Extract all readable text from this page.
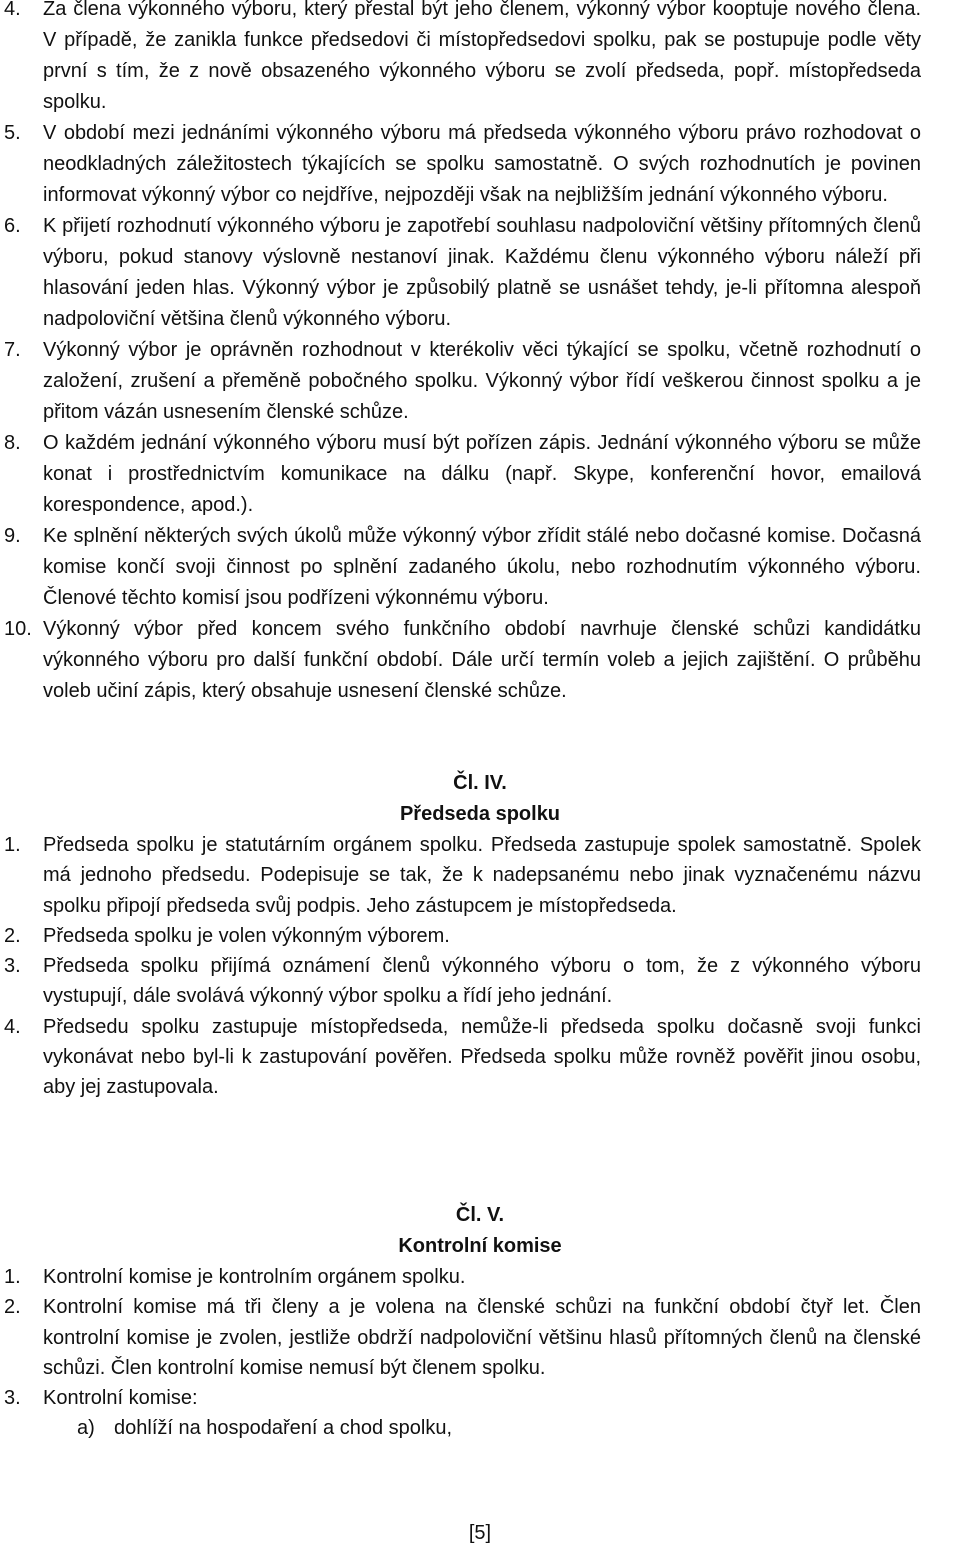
4. Za člena výkonného výboru, který přestal být jeho členem, výkonný výbor kooptuje nového člena. V případě, že zanikla funkce předsedovi či místopředsedovi spolku, pak se postupuje podle věty první s tím, že z nově obsazeného výkonného výboru se zvolí předseda, popř. místopředseda spolku.

5. V období mezi jednáními výkonného výboru má předseda výkonného výboru právo rozhodovat o neodkladných záležitostech týkajících se spolku samostatně. O svých rozhodnutích je povinen informovat výkonný výbor co nejdříve, nejpozději však na nejbližším jednání výkonného výboru.

6. K přijetí rozhodnutí výkonného výboru je zapotřebí souhlasu nadpoloviční většiny přítomných členů výboru, pokud stanovy výslovně nestanoví jinak. Každému členu výkonného výboru náleží při hlasování jeden hlas. Výkonný výbor je způsobilý platně se usnášet tehdy, je-li přítomna alespoň nadpoloviční většina členů výkonného výboru.

7. Výkonný výbor je oprávněn rozhodnout v kterékoliv věci týkající se spolku, včetně rozhodnutí o založení, zrušení a přeměně pobočného spolku. Výkonný výbor řídí veškerou činnost spolku a je přitom vázán usnesením členské schůze.

8. O každém jednání výkonného výboru musí být pořízen zápis. Jednání výkonného výboru se může konat i prostřednictvím komunikace na dálku (např. Skype, konferenční hovor, emailová korespondence, apod.).

9. Ke splnění některých svých úkolů může výkonný výbor zřídit stálé nebo dočasné komise. Dočasná komise končí svoji činnost po splnění zadaného úkolu, nebo rozhodnutím výkonného výboru. Členové těchto komisí jsou podřízeni výkonnému výboru.

10. Výkonný výbor před koncem svého funkčního období navrhuje členské schůzi kandidátku výkonného výboru pro další funkční období. Dále určí termín voleb a jejich zajištění. O průběhu voleb učiní zápis, který obsahuje usnesení členské schůze.

Čl. IV.
Předseda spolku
1. Předseda spolku je statutárním orgánem spolku. Předseda zastupuje spolek samostatně. Spolek má jednoho předsedu. Podepisuje se tak, že k nadepsanému nebo jinak vyznačenému názvu spolku připojí předseda svůj podpis. Jeho zástupcem je místopředseda.

2. Předseda spolku je volen výkonným výborem.

3. Předseda spolku přijímá oznámení členů výkonného výboru o tom, že z výkonného výboru vystupují, dále svolává výkonný výbor spolku a řídí jeho jednání.

4. Předsedu spolku zastupuje místopředseda, nemůže-li předseda spolku dočasně svoji funkci vykonávat nebo byl-li k zastupování pověřen. Předseda spolku může rovněž pověřit jinou osobu, aby jej zastupovala.

Čl. V.
Kontrolní komise
1. Kontrolní komise je kontrolním orgánem spolku.

2. Kontrolní komise má tři členy a je volena na členské schůzi na funkční období čtyř let. Člen kontrolní komise je zvolen, jestliže obdrží nadpoloviční většinu hlasů přítomných členů na členské schůzi. Člen kontrolní komise nemusí být členem spolku.

3. Kontrolní komise:

a) dohlíží na hospodaření a chod spolku,
[5]
